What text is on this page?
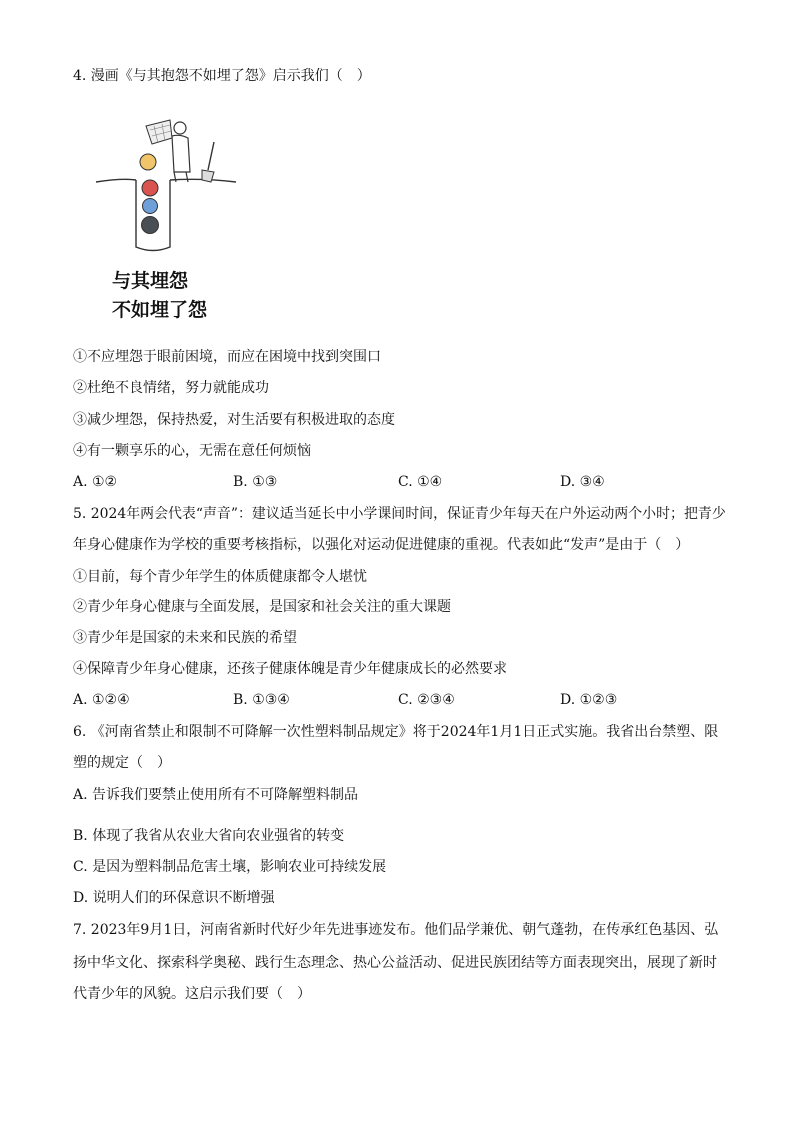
4. 漫画《与其抱怨不如埋了怨》启示我们（　）
与其埋怨
不如埋了怨
①不应埋怨于眼前困境，而应在困境中找到突围口
②杜绝不良情绪，努力就能成功
③减少埋怨，保持热爱，对生活要有积极进取的态度
④有一颗享乐的心，无需在意任何烦恼
A. ①②	B. ①③	C. ①④	D. ③④
5. 2024年两会代表“声音”：建议适当延长中小学课间时间，保证青少年每天在户外运动两个小时；把青少
年身心健康作为学校的重要考核指标，以强化对运动促进健康的重视。代表如此“发声”是由于（　）
①目前，每个青少年学生的体质健康都令人堪忧
②青少年身心健康与全面发展，是国家和社会关注的重大课题
③青少年是国家的未来和民族的希望
④保障青少年身心健康，还孩子健康体魄是青少年健康成长的必然要求
A. ①②④	B. ①③④	C. ②③④	D. ①②③
6. 《河南省禁止和限制不可降解一次性塑料制品规定》将于2024年1月1日正式实施。我省出台禁塑、限
塑的规定（　）
A. 告诉我们要禁止使用所有不可降解塑料制品
B. 体现了我省从农业大省向农业强省的转变
C. 是因为塑料制品危害土壤，影响农业可持续发展
D. 说明人们的环保意识不断增强
7. 2023年9月1日，河南省新时代好少年先进事迹发布。他们品学兼优、朝气蓬勃，在传承红色基因、弘
扬中华文化、探索科学奥秘、践行生态理念、热心公益活动、促进民族团结等方面表现突出，展现了新时
代青少年的风貌。这启示我们要（　）
